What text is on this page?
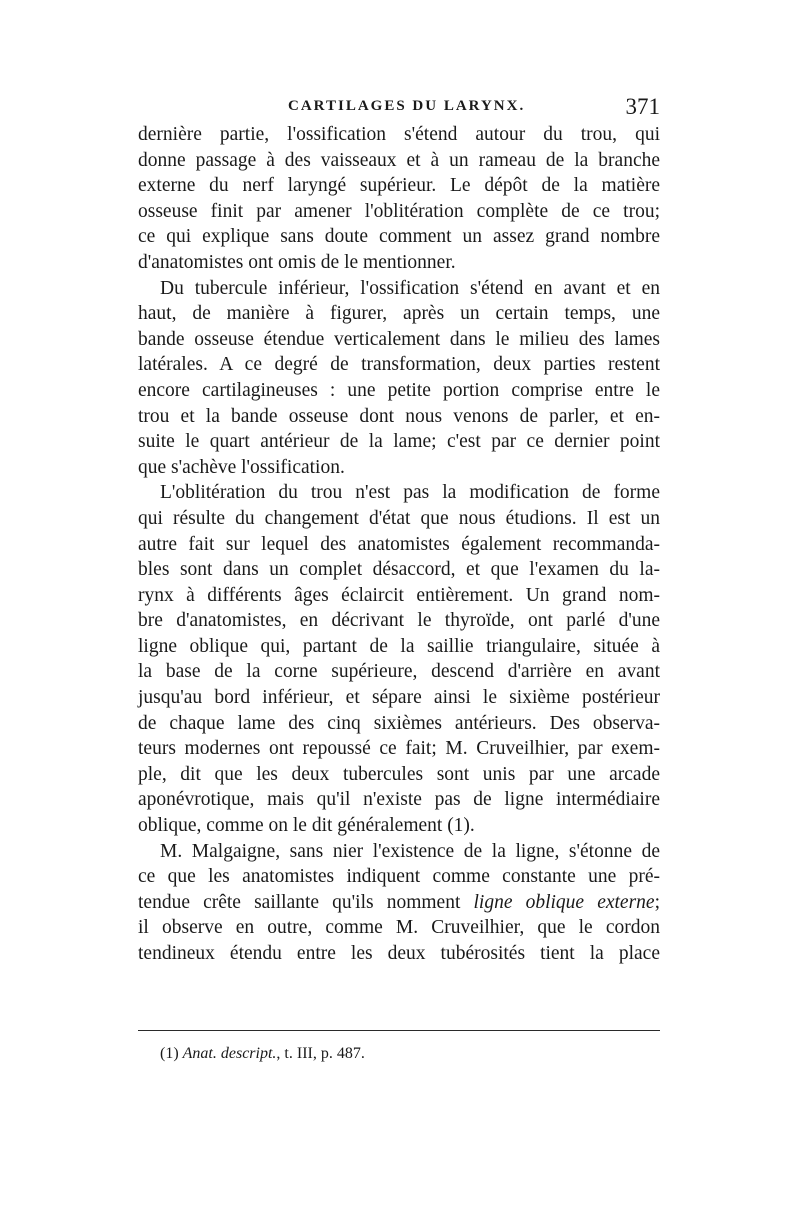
CARTILAGES DU LARYNX.	371

dernière partie, l'ossification s'étend autour du trou, qui
donne passage à des vaisseaux et à un rameau de la branche
externe du nerf laryngé supérieur. Le dépôt de la matière
osseuse finit par amener l'oblitération complète de ce trou;
ce qui explique sans doute comment un assez grand nombre
d'anatomistes ont omis de le mentionner.

Du tubercule inférieur, l'ossification s'étend en avant et en
haut, de manière à figurer, après un certain temps, une
bande osseuse étendue verticalement dans le milieu des lames
latérales. A ce degré de transformation, deux parties restent
encore cartilagineuses : une petite portion comprise entre le
trou et la bande osseuse dont nous venons de parler, et en-
suite le quart antérieur de la lame; c'est par ce dernier point
que s'achève l'ossification.

L'oblitération du trou n'est pas la modification de forme
qui résulte du changement d'état que nous étudions. Il est un
autre fait sur lequel des anatomistes également recommanda-
bles sont dans un complet désaccord, et que l'examen du la-
rynx à différents âges éclaircit entièrement. Un grand nom-
bre d'anatomistes, en décrivant le thyroïde, ont parlé d'une
ligne oblique qui, partant de la saillie triangulaire, située à
la base de la corne supérieure, descend d'arrière en avant
jusqu'au bord inférieur, et sépare ainsi le sixième postérieur
de chaque lame des cinq sixièmes antérieurs. Des observa-
teurs modernes ont repoussé ce fait; M. Cruveilhier, par exem-
ple, dit que les deux tubercules sont unis par une arcade
aponévrotique, mais qu'il n'existe pas de ligne intermédiaire
oblique, comme on le dit généralement (1).

M. Malgaigne, sans nier l'existence de la ligne, s'étonne de
ce que les anatomistes indiquent comme constante une pré-
tendue crête saillante qu'ils nomment ligne oblique externe;
il observe en outre, comme M. Cruveilhier, que le cordon
tendineux étendu entre les deux tubérosités tient la place

(1) Anat. descript., t. III, p. 487.
